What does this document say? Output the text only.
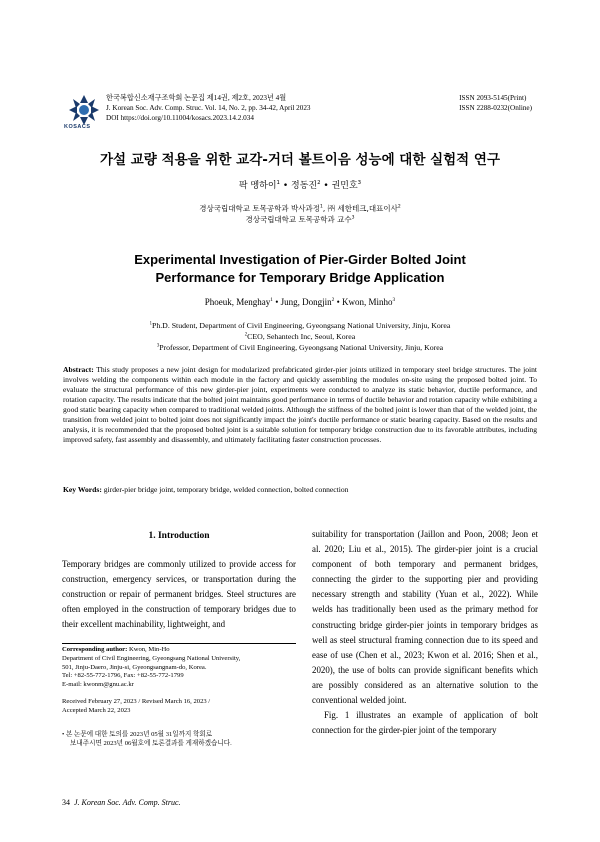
KOSACS
한국복합신소재구조학회 논문집 제14권, 제2호, 2023년 4월
J. Korean Soc. Adv. Comp. Struc. Vol. 14, No. 2, pp. 34-42, April 2023
DOI https://doi.org/10.11004/kosacs.2023.14.2.034
ISSN 2093-5145(Print)
ISSN 2288-0232(Online)
가설 교량 적용을 위한 교각-거더 볼트이음 성능에 대한 실험적 연구
팍 멩하이$^1$ • 정동진$^2$ • 권민호$^3$
경상국립대학교 토목공학과 박사과정$^1$, ㈜ 세한테크,대표이사$^2$
경상국립대학교 토목공학과 교수$^3$
Experimental Investigation of Pier-Girder Bolted Joint
Performance for Temporary Bridge Application
Phoeuk, Menghay$^1$ • Jung, Dongjin$^2$ • Kwon, Minho$^3$
$^1$Ph.D. Student, Department of Civil Engineering, Gyeongsang National University, Jinju, Korea
$^2$CEO, Sehantech Inc, Seoul, Korea
$^3$Professor, Department of Civil Engineering, Gyeongsang National University, Jinju, Korea
Abstract: This study proposes a new joint design for modularized prefabricated girder-pier joints utilized in temporary steel bridge structures. The joint involves welding the components within each module in the factory and quickly assembling the modules on-site using the proposed bolted joint. To evaluate the structural performance of this new girder-pier joint, experiments were conducted to analyze its static behavior, ductile performance, and rotation capacity. The results indicate that the bolted joint maintains good performance in terms of ductile behavior and rotation capacity while exhibiting a good static bearing capacity when compared to traditional welded joints. Although the stiffness of the bolted joint is lower than that of the welded joint, the transition from welded joint to bolted joint does not significantly impact the joint's ductile performance or static bearing capacity. Based on the results and analysis, it is recommended that the proposed bolted joint is a suitable solution for temporary bridge construction due to its favorable attributes, including improved safety, fast assembly and disassembly, and ultimately facilitating faster construction processes.
Key Words: girder-pier bridge joint, temporary bridge, welded connection, bolted connection
1. Introduction

Temporary bridges are commonly utilized to provide access for construction, emergency services, or transportation during the construction or repair of permanent bridges. Steel structures are often employed in the construction of temporary bridges due to their excellent machinability, lightweight, and

suitability for transportation (Jaillon and Poon, 2008; Jeon et al. 2020; Liu et al., 2015). The girder-pier joint is a crucial component of both temporary and permanent bridges, connecting the girder to the supporting pier and providing necessary strength and stability (Yuan et al., 2022). While welds has traditionally been used as the primary method for constructing bridge girder-pier joints in temporary bridges as well as steel structural framing connection due to its speed and ease of use (Chen et al., 2023; Kwon et al. 2016; Shen et al., 2020), the use of bolts can provide significant benefits which are possibly considered as an alternative solution to the conventional welded joint.

Fig. 1 illustrates an example of application of bolt connection for the girder-pier joint of the temporary

Corresponding author: Kwon, Min-Ho
Department of Civil Engineering, Gyeongsang National University,
501, Jinju-Daero, Jinju-si, Gyeongsangnam-do, Korea.
Tel: +82-55-772-1796, Fax: +82-55-772-1799
E-mail: kwonm@gnu.ac.kr
Received February 27, 2023 / Revised March 16, 2023 /
Accepted March 22, 2023
• 본 논문에 대한 토의를 2023년 05월 31일까지 학회로
보내주시면 2023년 06월호에 토론결과를 게재하겠습니다.
34 J. Korean Soc. Adv. Comp. Struc.
